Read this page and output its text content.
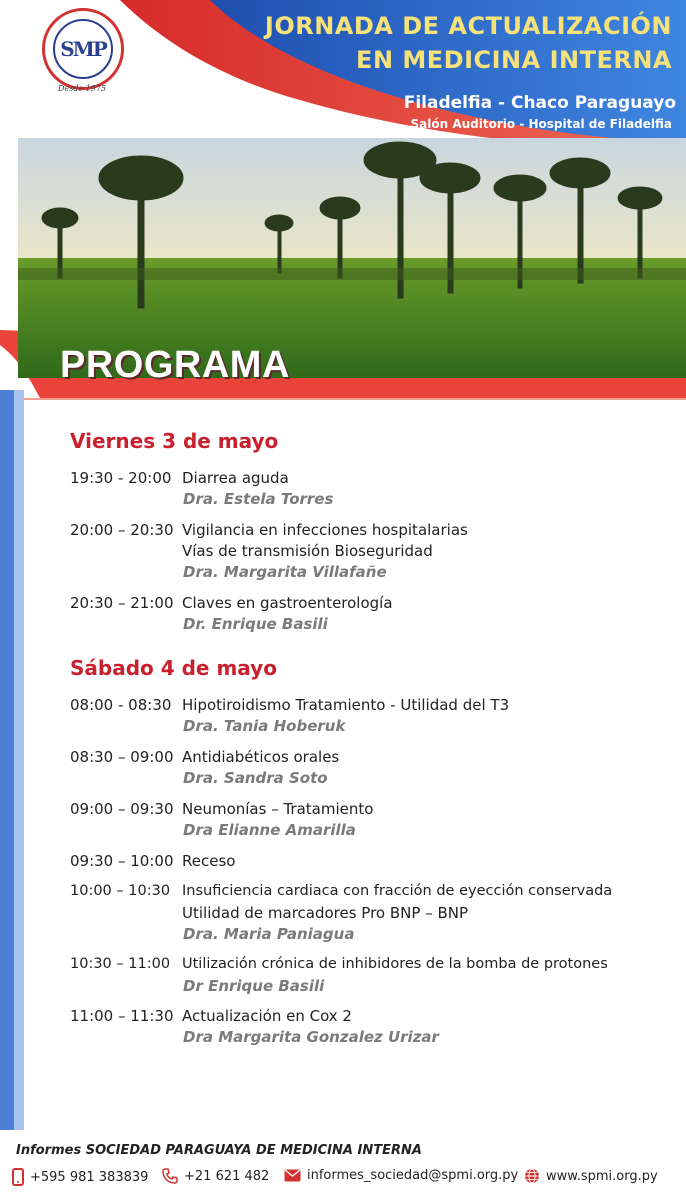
SMP
Desde 1975
JORNADA DE ACTUALIZACIÓN
EN MEDICINA INTERNA
Filadelfia - Chaco Paraguayo
Salón Auditorio - Hospital de Filadelfia
PROGRAMA
Viernes 3 de mayo
19:30 - 20:00 Diarrea aguda
Dra. Estela Torres
20:00 – 20:30 Vigilancia en infecciones hospitalarias
Vías de transmisión Bioseguridad
Dra. Margarita Villafañe
20:30 – 21:00 Claves en gastroenterología
Dr. Enrique Basili
Sábado 4 de mayo
08:00 - 08:30 Hipotiroidismo Tratamiento - Utilidad del T3
Dra. Tania Hoberuk
08:30 – 09:00 Antidiabéticos orales
Dra. Sandra Soto
09:00 – 09:30 Neumonías – Tratamiento
Dra Elianne Amarilla
09:30 – 10:00 Receso
10:00 – 10:30 Insuficiencia cardiaca con fracción de eyección conservada
Utilidad de marcadores Pro BNP – BNP
Dra. Maria Paniagua
10:30 – 11:00 Utilización crónica de inhibidores de la bomba de protones
Dr Enrique Basili
11:00 – 11:30 Actualización en Cox 2
Dra Margarita Gonzalez Urizar
Informes SOCIEDAD PARAGUAYA DE MEDICINA INTERNA
+595 981 383839	+21 621 482	informes_sociedad@spmi.org.py www.spmi.org.py
